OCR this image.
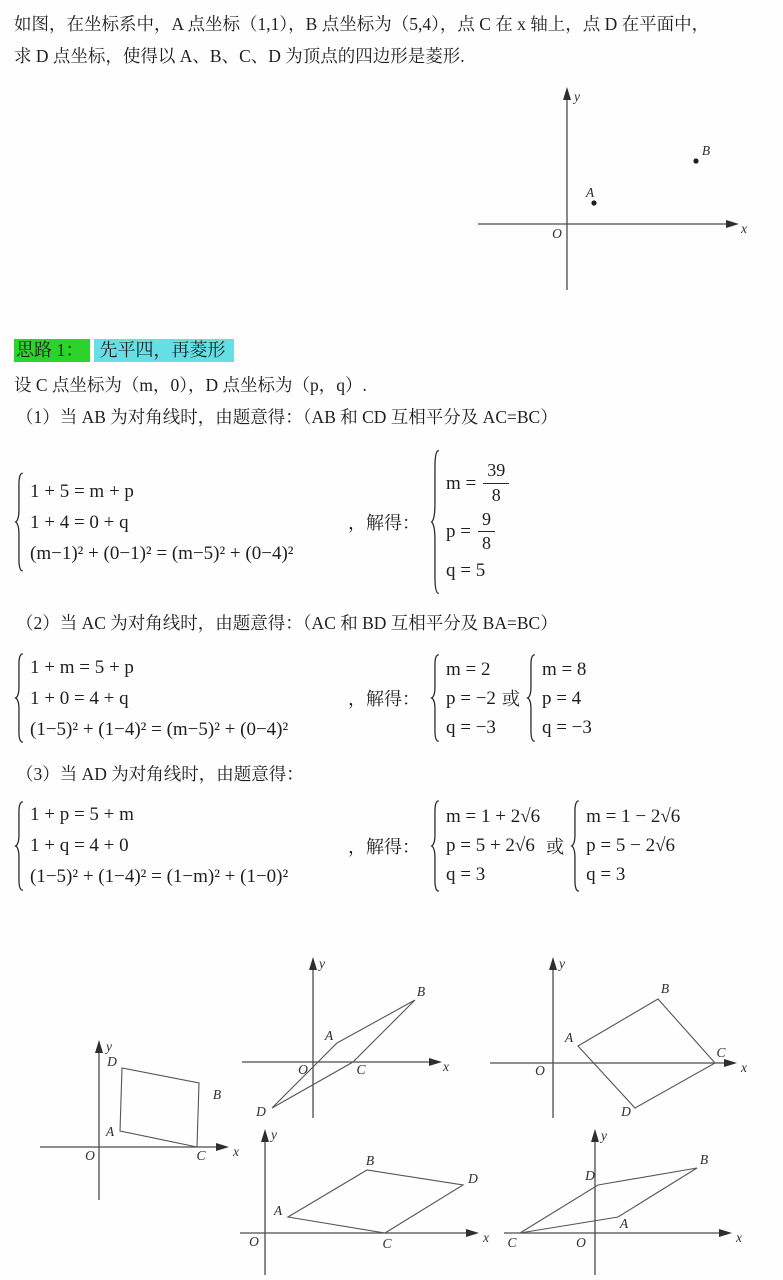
如图，在坐标系中，A 点坐标（1,1），B 点坐标为（5,4），点 C 在 x 轴上，点 D 在平面中，
求 D 点坐标，使得以 A、B、C、D 为顶点的四边形是菱形.

A
B
O	x
y
思路 1： 先平四，再菱形

设 C 点坐标为（m，0），D 点坐标为（p，q）.

（1）当 AB 为对角线时，由题意得：（AB 和 CD 互相平分及 AC=BC）

1 + 5 = m + p
1 + 4 = 0 + q
(m−1)² + (0−1)² = (m−5)² + (0−4)²
，解得：
$m = \frac{39}{8}$
$p = \frac{9}{8}$
q = 5

（2）当 AC 为对角线时，由题意得：（AC 和 BD 互相平分及 BA=BC）

1 + m = 5 + p
1 + 0 = 4 + q
(1−5)² + (1−4)² = (m−5)² + (0−4)²
，解得：
m = 2
p = −2
q = −3
或
m = 8
p = 4
q = −3

（3）当 AD 为对角线时，由题意得：

1 + p = 5 + m
1 + q = 4 + 0
(1−5)² + (1−4)² = (1−m)² + (1−0)²
，解得：
m = 1 + 2√6
p = 5 + 2√6
q = 3
或
m = 1 − 2√6
p = 5 − 2√6
q = 3
D
A
B
C
O	x
y
A
B
C
D
O	x
y
A
B
C
D
O	x
y
A
B
D
C
O	x
y
C
D
B
A
O	x
y
